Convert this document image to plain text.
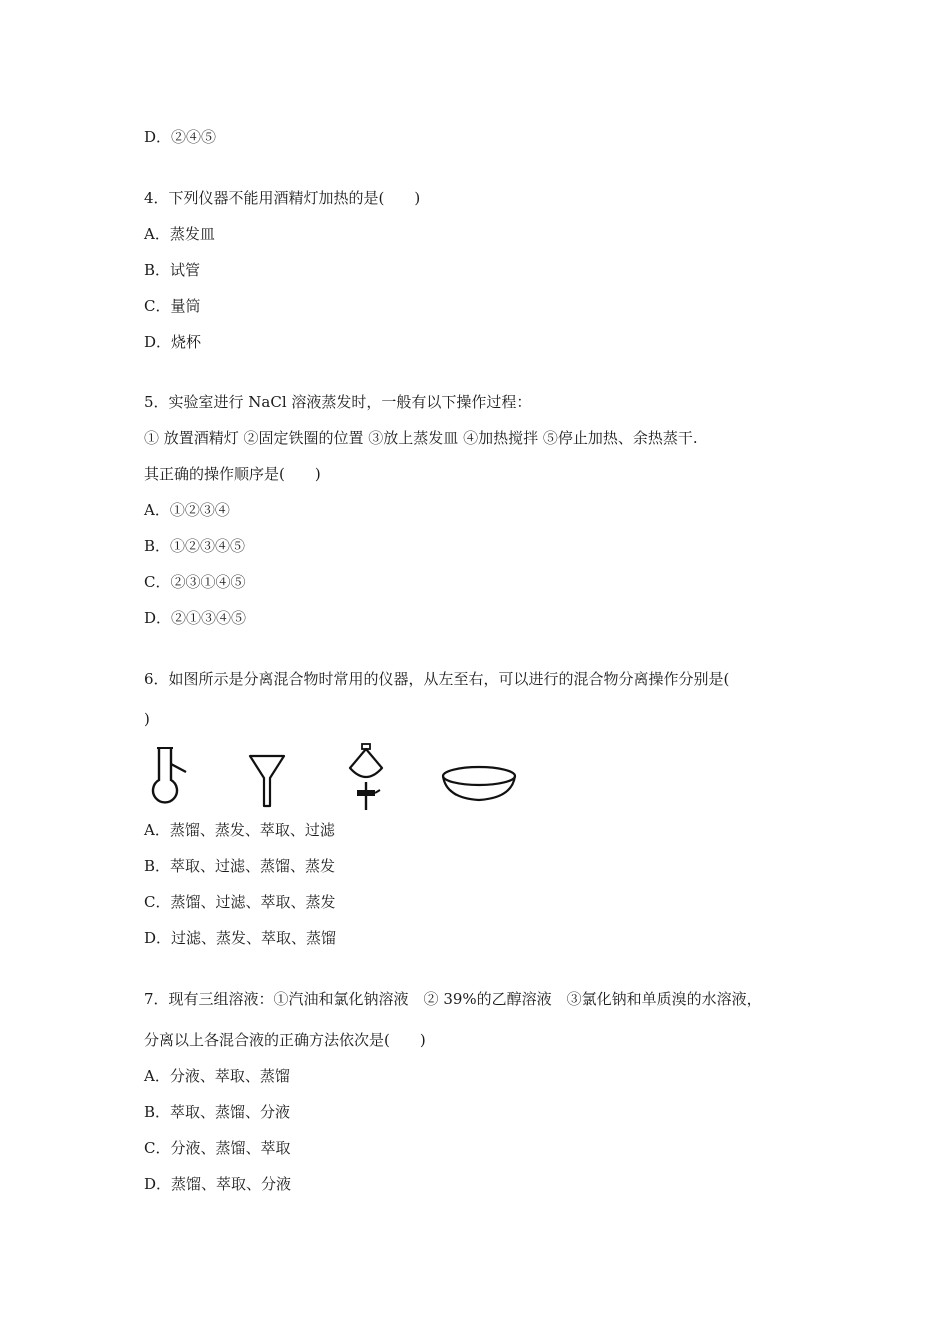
D．②④⑤
4．下列仪器不能用酒精灯加热的是(　　)
A．蒸发皿
B．试管
C．量筒
D．烧杯
5．实验室进行 NaCl 溶液蒸发时，一般有以下操作过程：
① 放置酒精灯 ②固定铁圈的位置 ③放上蒸发皿 ④加热搅拌 ⑤停止加热、余热蒸干.
其正确的操作顺序是(　　)
A．①②③④
B．①②③④⑤
C．②③①④⑤
D．②①③④⑤
6．如图所示是分离混合物时常用的仪器，从左至右，可以进行的混合物分离操作分别是(
)
A．蒸馏、蒸发、萃取、过滤
B．萃取、过滤、蒸馏、蒸发
C．蒸馏、过滤、萃取、蒸发
D．过滤、蒸发、萃取、蒸馏
7．现有三组溶液：①汽油和氯化钠溶液　② 39%的乙醇溶液　③氯化钠和单质溴的水溶液，
分离以上各混合液的正确方法依次是(　　)
A．分液、萃取、蒸馏
B．萃取、蒸馏、分液
C．分液、蒸馏、萃取
D．蒸馏、萃取、分液
